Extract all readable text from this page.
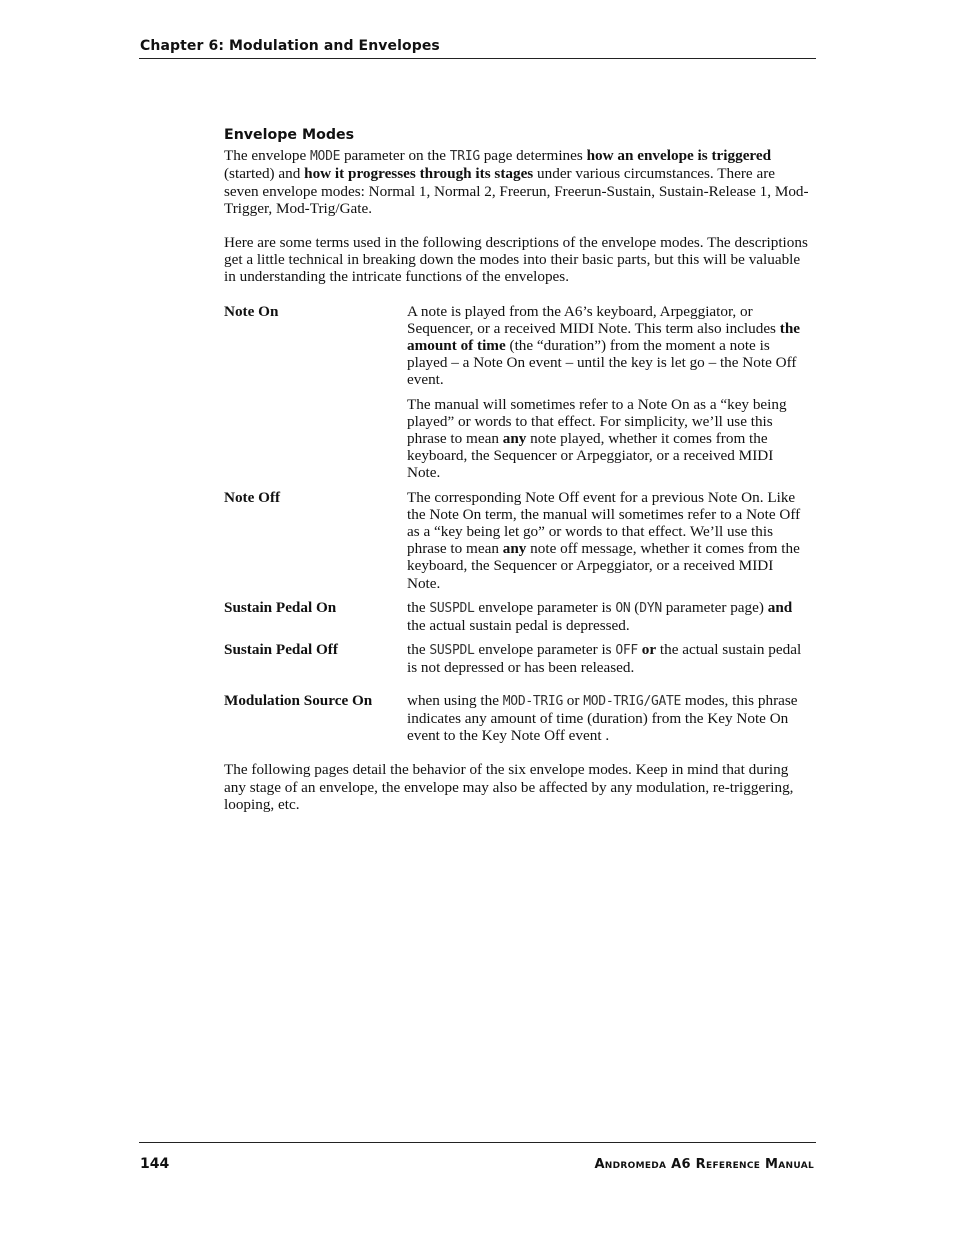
Chapter 6: Modulation and Envelopes
Envelope Modes

The envelope MODE parameter on the TRIG page determines how an envelope is triggered (started) and how it progresses through its stages under various circumstances. There are seven envelope modes: Normal 1, Normal 2, Freerun, Freerun-Sustain, Sustain-Release 1, Mod-Trigger, Mod-Trig/Gate.

Here are some terms used in the following descriptions of the envelope modes. The descriptions get a little technical in breaking down the modes into their basic parts, but this will be valuable in understanding the intricate functions of the envelopes.

Note On	A note is played from the A6’s keyboard, Arpeggiator, or Sequencer, or a received MIDI Note. This term also includes the amount of time (the “duration”) from the moment a note is played – a Note On event – until the key is let go – the Note Off event.

The manual will sometimes refer to a Note On as a “key being played” or words to that effect. For simplicity, we’ll use this phrase to mean any note played, whether it comes from the keyboard, the Sequencer or Arpeggiator, or a received MIDI Note.

Note Off	The corresponding Note Off event for a previous Note On. Like the Note On term, the manual will sometimes refer to a Note Off as a “key being let go” or words to that effect. We’ll use this phrase to mean any note off message, whether it comes from the keyboard, the Sequencer or Arpeggiator, or a received MIDI Note.

Sustain Pedal On	the SUSPDL envelope parameter is ON (DYN parameter page) and the actual sustain pedal is depressed.

Sustain Pedal Off	the SUSPDL envelope parameter is OFF or the actual sustain pedal is not depressed or has been released.

Modulation Source On	when using the MOD-TRIG or MOD-TRIG/GATE modes, this phrase indicates any amount of time (duration) from the Key Note On event to the Key Note Off event .

The following pages detail the behavior of the six envelope modes. Keep in mind that during any stage of an envelope, the envelope may also be affected by any modulation, re-triggering, looping, etc.

144	Andromeda A6 Reference Manual
